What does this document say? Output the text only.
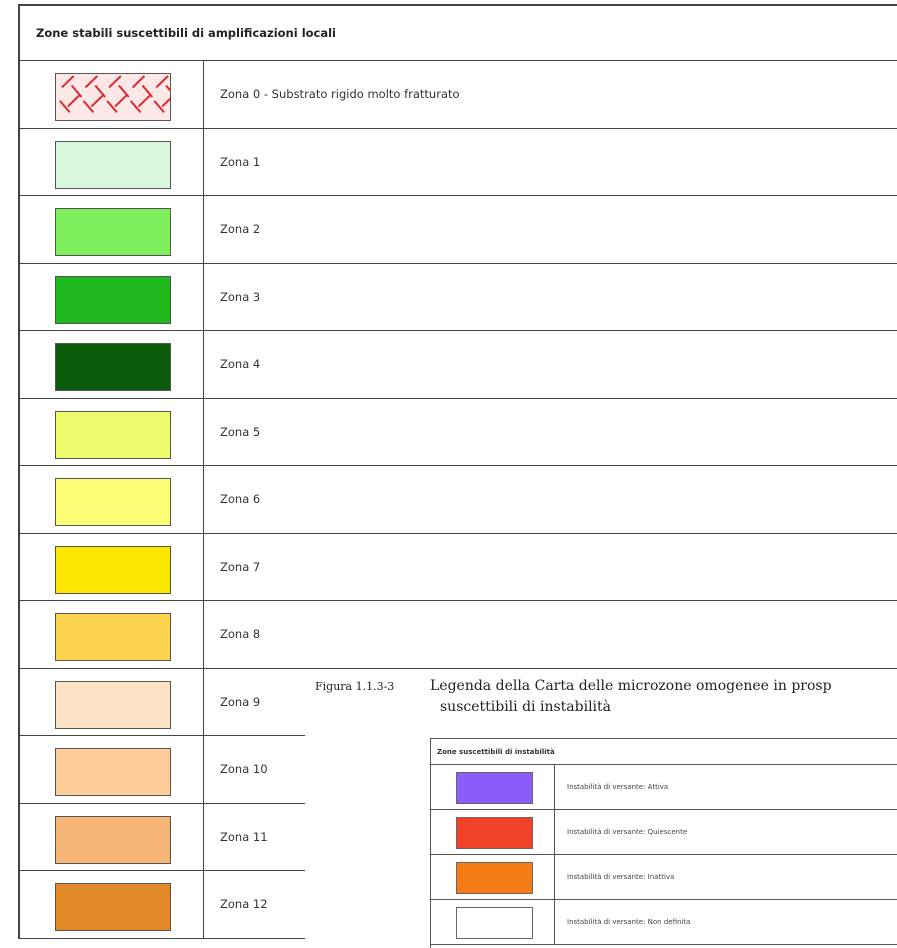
Zone stabili suscettibili di amplificazioni locali
Zona 0 - Substrato rigido molto fratturato
Zona 1
Zona 2
Zona 3
Zona 4
Zona 5
Zona 6
Zona 7
Zona 8
Zona 9
Zona 10
Zona 11
Zona 12
Figura 1.1.3-3	Legenda della Carta delle microzone omogenee in prosp
suscettibili di instabilità
Zone suscettibili di instabilità
Instabilità di versante: Attiva
Instabilità di versante: Quiescente
Instabilità di versante: Inattiva
Instabilità di versante: Non definita
